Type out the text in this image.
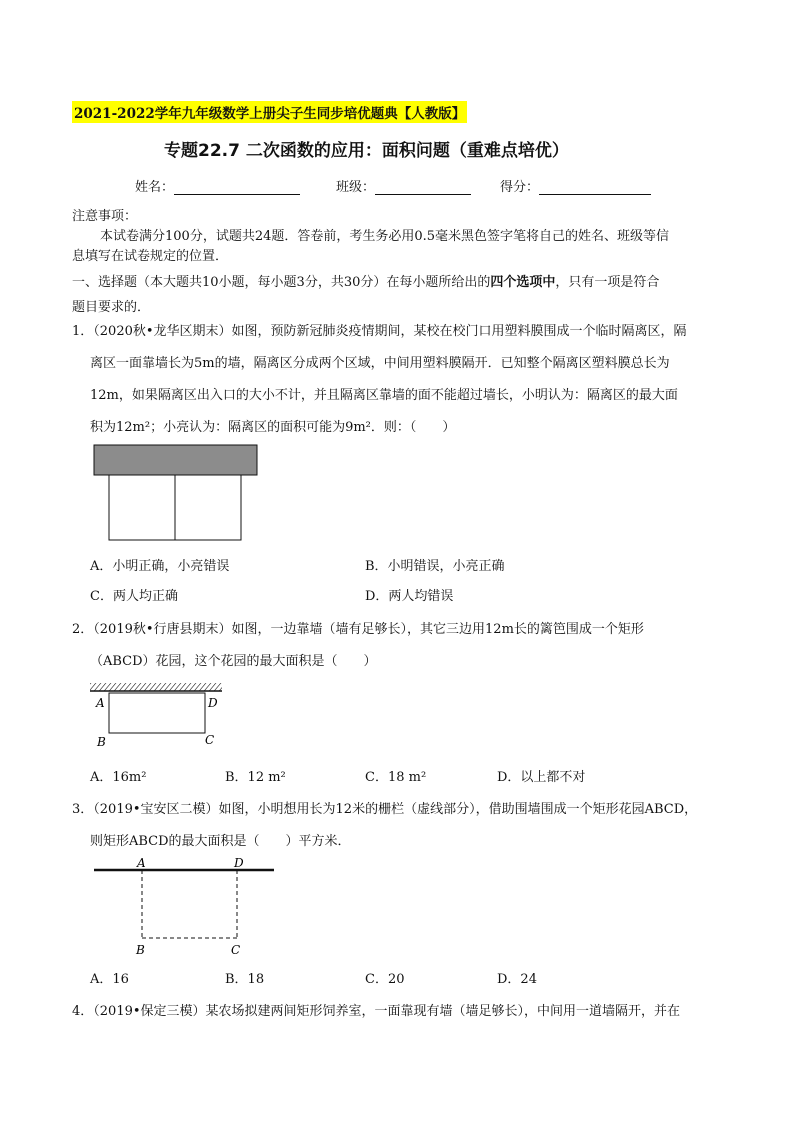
2021-2022学年九年级数学上册尖子生同步培优题典【人教版】
专题22.7 二次函数的应用：面积问题（重难点培优）
姓名：	班级：	得分：
注意事项：
本试卷满分100分，试题共24题．答卷前，考生务必用0.5毫米黑色签字笔将自己的姓名、班级等信
息填写在试卷规定的位置．
一、选择题（本大题共10小题，每小题3分，共30分）在每小题所给出的四个选项中，只有一项是符合
题目要求的．
1．（2020秋•龙华区期末）如图，预防新冠肺炎疫情期间，某校在校门口用塑料膜围成一个临时隔离区，隔
离区一面靠墙长为5m的墙，隔离区分成两个区域，中间用塑料膜隔开．已知整个隔离区塑料膜总长为
12m，如果隔离区出入口的大小不计，并且隔离区靠墙的面不能超过墙长，小明认为：隔离区的最大面
积为12m²；小亮认为：隔离区的面积可能为9m²．则：（　　）
A．小明正确，小亮错误	B．小明错误，小亮正确
C．两人均正确	D．两人均错误
2．（2019秋•行唐县期末）如图，一边靠墙（墙有足够长），其它三边用12m长的篱笆围成一个矩形
（ABCD）花园，这个花园的最大面积是（　　）
A	D
B	C
A．16m²	B．12 m²	C．18 m²	D．以上都不对
3．（2019•宝安区二模）如图，小明想用长为12米的栅栏（虚线部分），借助围墙围成一个矩形花园ABCD，
则矩形ABCD的最大面积是（　　）平方米．
A	D
B	C
A．16	B．18	C．20	D．24
4．（2019•保定三模）某农场拟建两间矩形饲养室，一面靠现有墙（墙足够长），中间用一道墙隔开，并在
